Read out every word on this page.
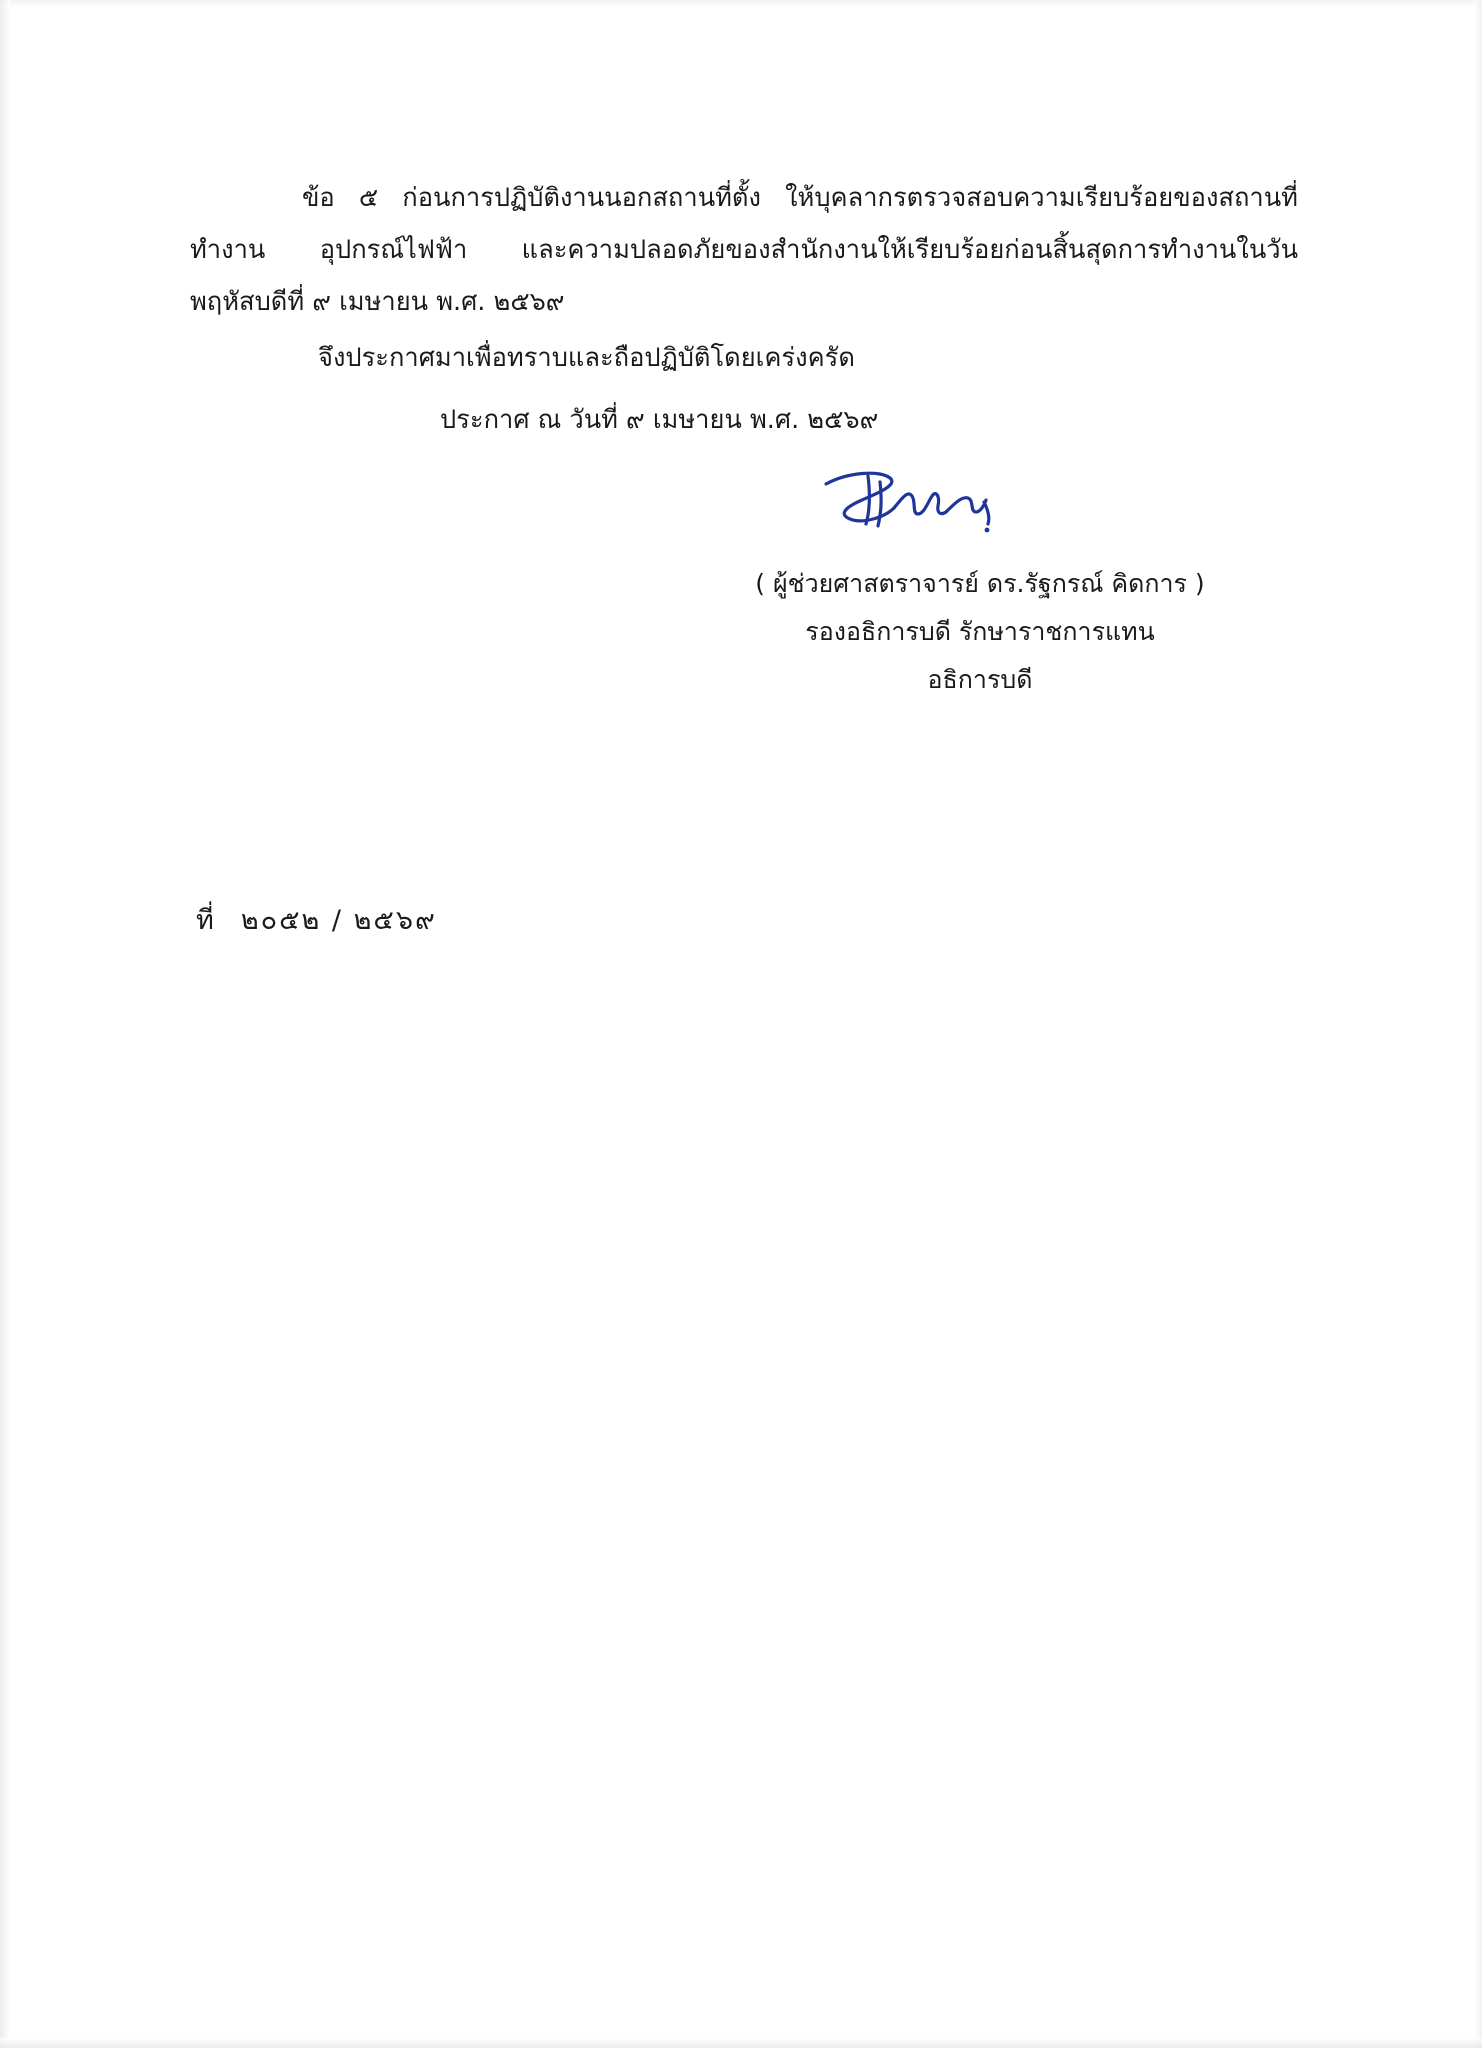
ข้อ ๕ ก่อนการปฏิบัติงานนอกสถานที่ตั้ง ให้บุคลากรตรวจสอบความเรียบร้อยของสถานที่ทำงาน อุปกรณ์ไฟฟ้า และความปลอดภัยของสำนักงานให้เรียบร้อยก่อนสิ้นสุดการทำงานในวันพฤหัสบดีที่ ๙ เมษายน พ.ศ. ๒๕๖๙
จึงประกาศมาเพื่อทราบและถือปฏิบัติโดยเคร่งครัด
ประกาศ ณ วันที่ ๙ เมษายน พ.ศ. ๒๕๖๙
( ผู้ช่วยศาสตราจารย์ ดร.รัฐกรณ์ คิดการ )
รองอธิการบดี รักษาราชการแทน
อธิการบดี
ที่ ๒๐๕๒ / ๒๕๖๙
